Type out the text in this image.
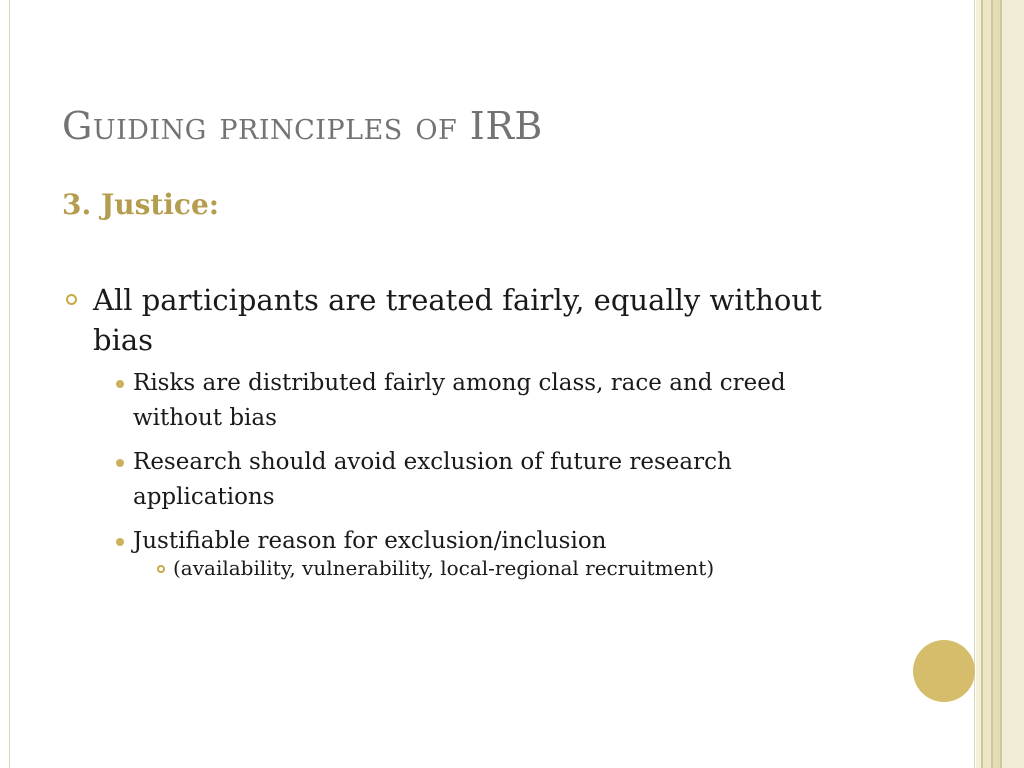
Guiding principles of IRB
3. Justice:
All participants are treated fairly, equally without bias
Risks are distributed fairly among class, race and creed without bias
Research should avoid exclusion of future research applications
Justifiable reason for exclusion/inclusion
(availability, vulnerability, local-regional recruitment)
